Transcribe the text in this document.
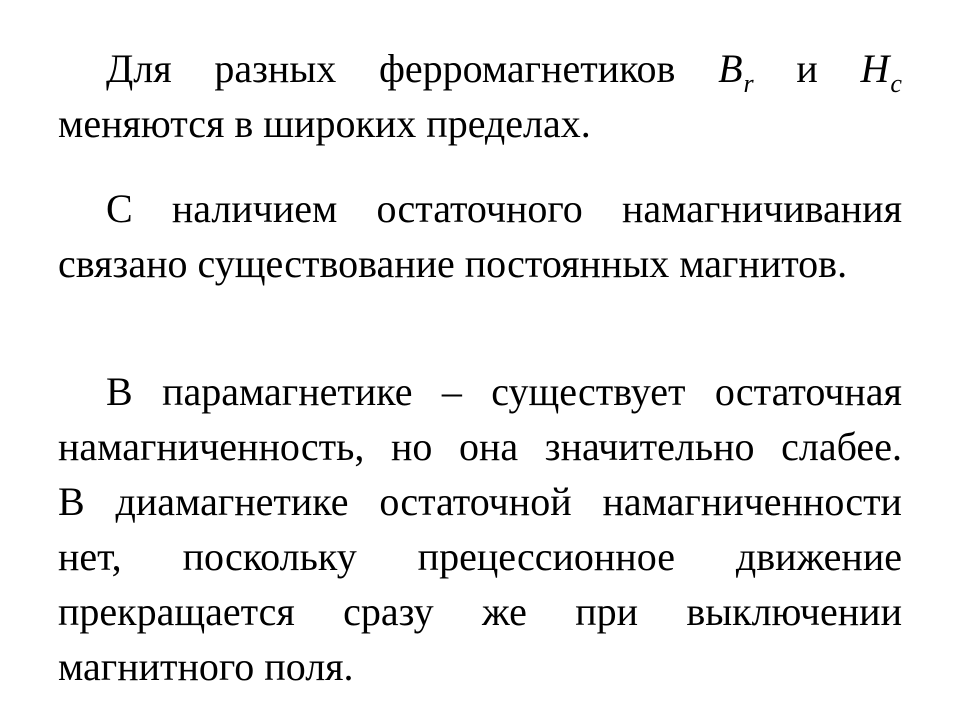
Для разных ферромагнетиков $B_r$ и $H_c$
меняются в широких пределах.
С наличием остаточного намагничивания
связано существование постоянных магнитов.
В парамагнетике – существует остаточная
намагниченность, но она значительно слабее.
В диамагнетике остаточной намагниченности
нет, поскольку прецессионное движение
прекращается сразу же при выключении
магнитного поля.
